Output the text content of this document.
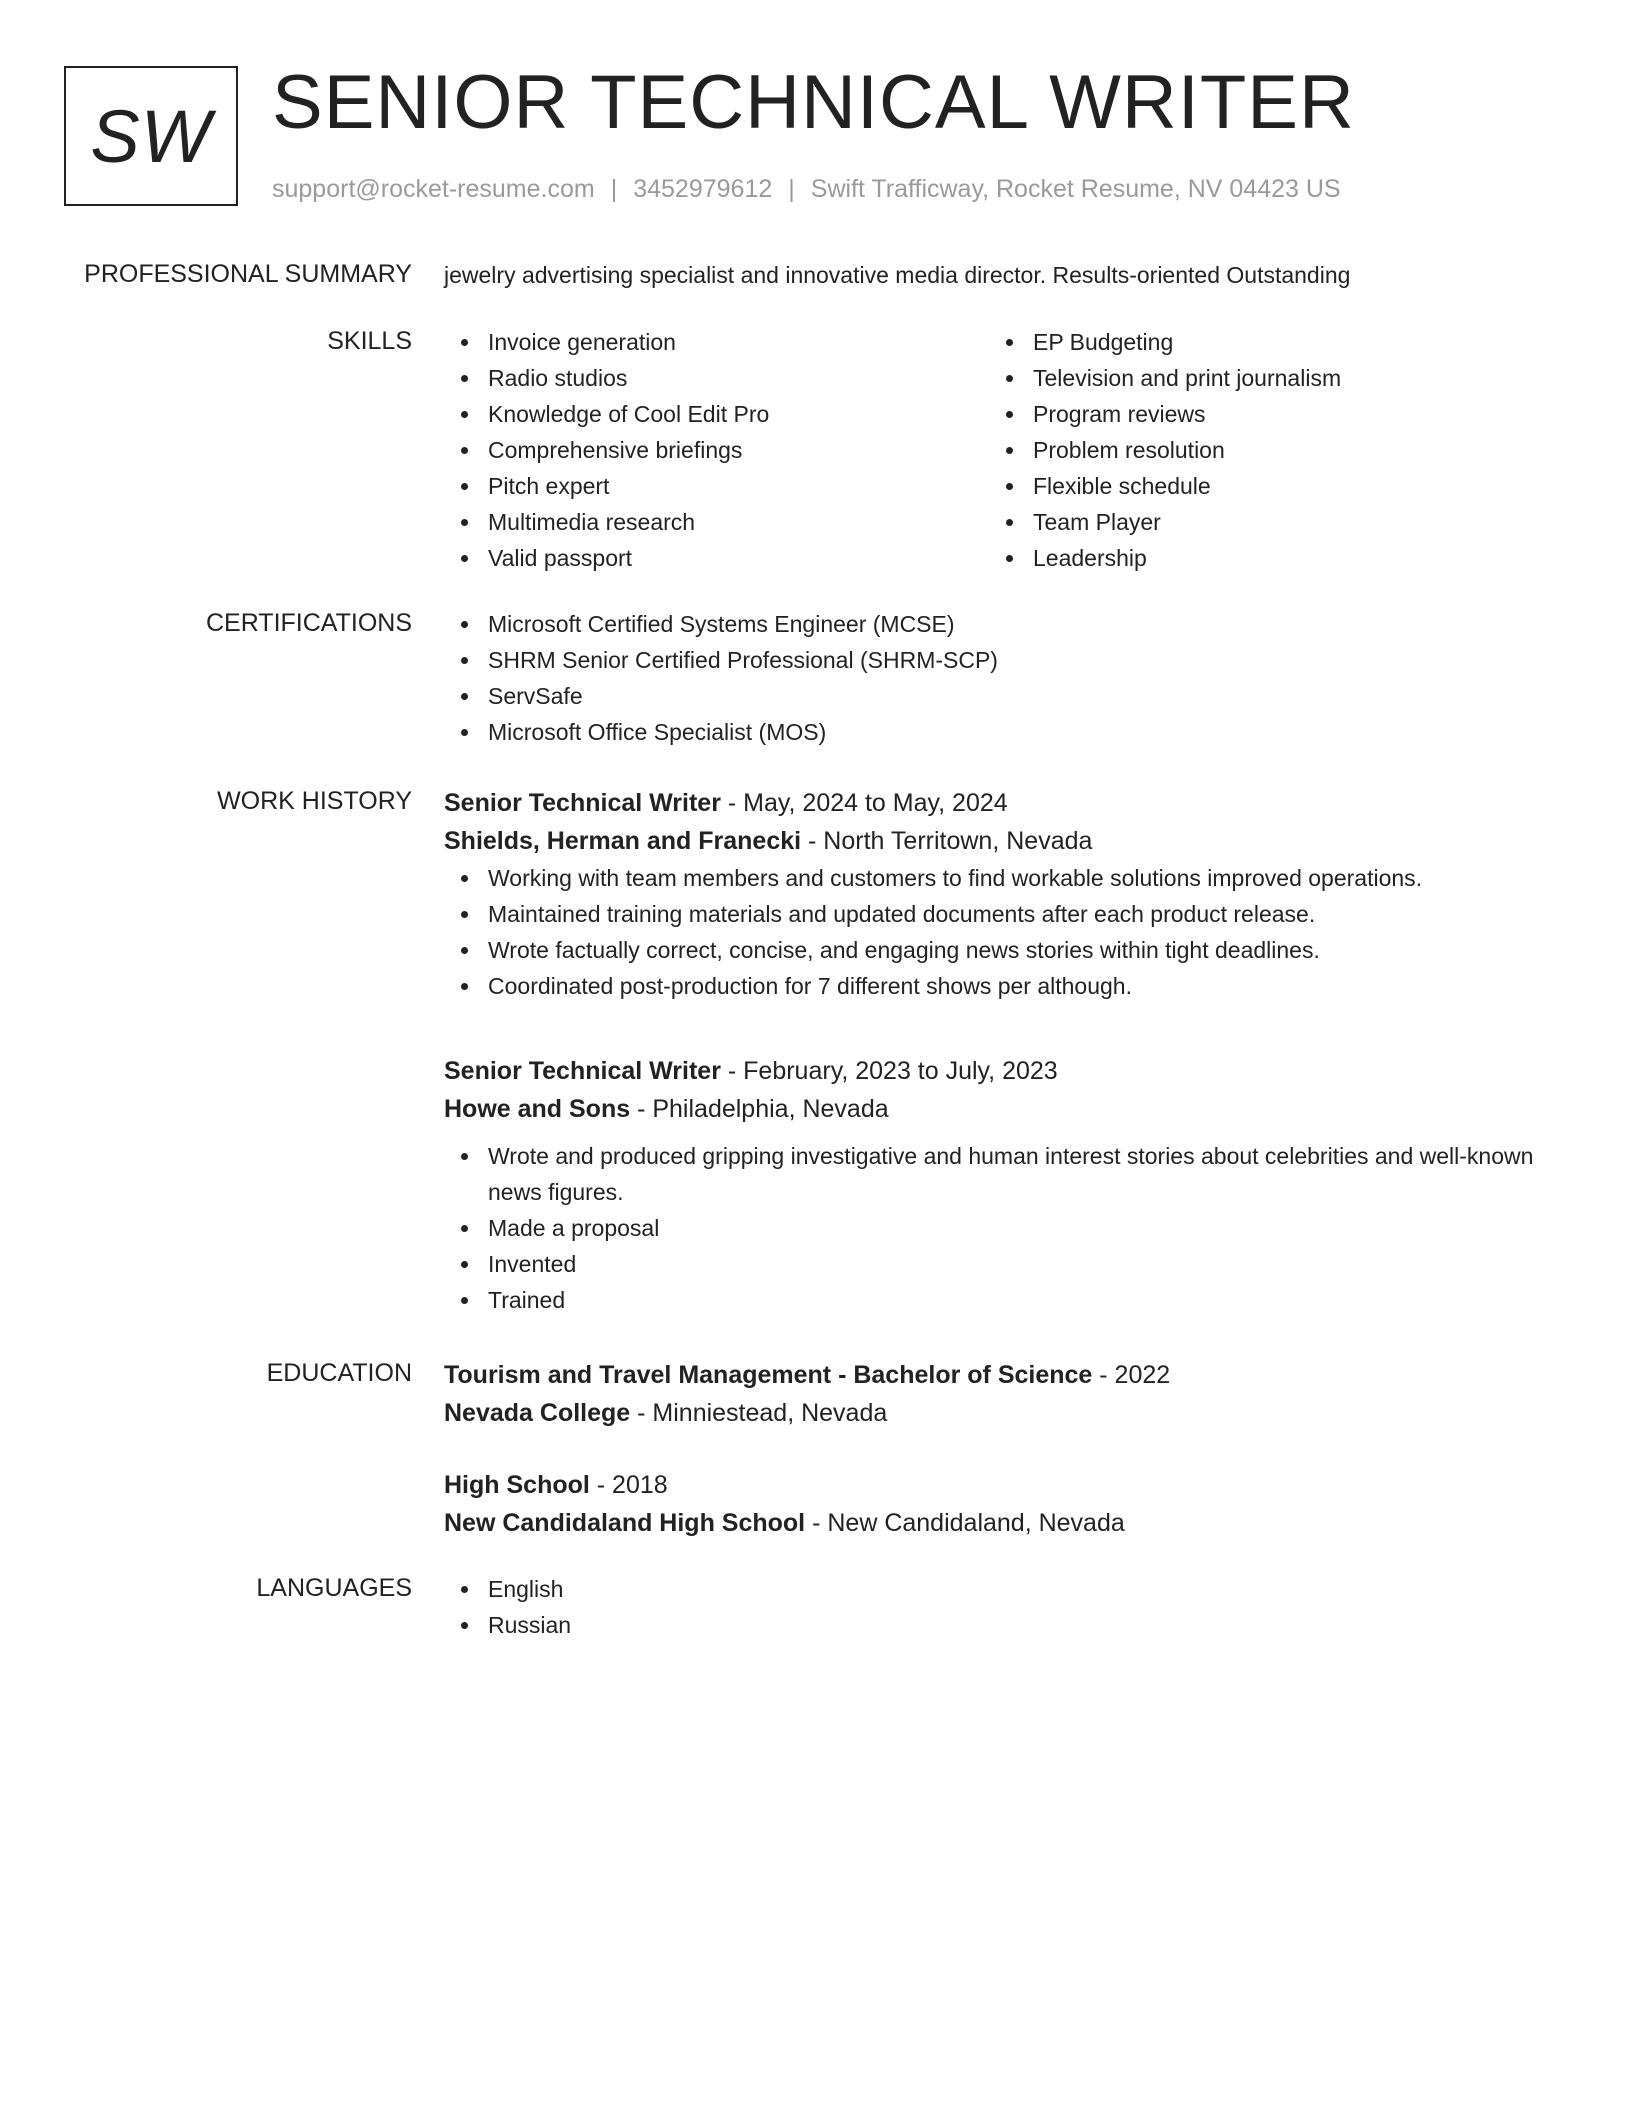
SW SENIOR TECHNICAL WRITER
support@rocket-resume.com | 3452979612 | Swift Trafficway, Rocket Resume, NV 04423 US
PROFESSIONAL SUMMARY jewelry advertising specialist and innovative media director. Results-oriented Outstanding
SKILLS	Invoice generation
Radio studios
Knowledge of Cool Edit Pro
Comprehensive briefings
Pitch expert
Multimedia research
Valid passport
EP Budgeting
Television and print journalism
Program reviews
Problem resolution
Flexible schedule
Team Player
Leadership
CERTIFICATIONS	Microsoft Certified Systems Engineer (MCSE)
SHRM Senior Certified Professional (SHRM-SCP)
ServSafe
Microsoft Office Specialist (MOS)
WORK HISTORY Senior Technical Writer - May, 2024 to May, 2024
Shields, Herman and Franecki - North Territown, Nevada
Working with team members and customers to find workable solutions improved operations.
Maintained training materials and updated documents after each product release.
Wrote factually correct, concise, and engaging news stories within tight deadlines.
Coordinated post-production for 7 different shows per although.
Senior Technical Writer - February, 2023 to July, 2023
Howe and Sons - Philadelphia, Nevada
Wrote and produced gripping investigative and human interest stories about celebrities and well-known news figures.
Made a proposal
Invented
Trained
EDUCATION Tourism and Travel Management - Bachelor of Science - 2022
Nevada College - Minniestead, Nevada
High School - 2018
New Candidaland High School - New Candidaland, Nevada
LANGUAGES	English
Russian
